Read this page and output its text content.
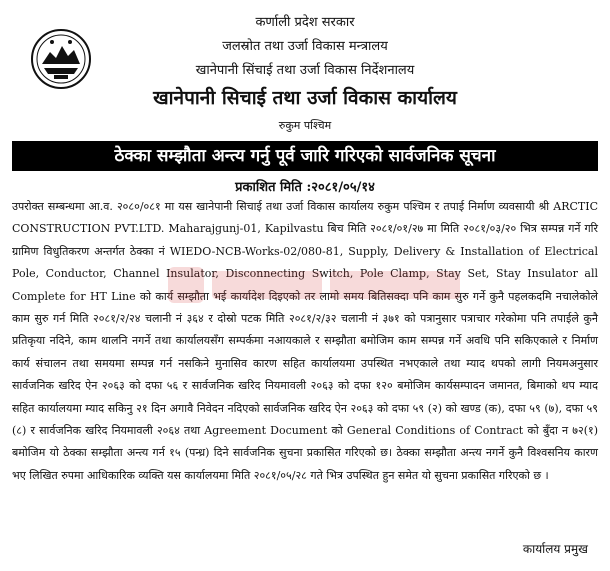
कर्णाली प्रदेश सरकार
जलस्रोत तथा उर्जा विकास मन्त्रालय
खानेपानी सिंचाई तथा उर्जा विकास निर्देशनालय
खानेपानी सिचाई तथा उर्जा विकास कार्यालय
रुकुम पश्चिम
ठेक्का सम्झौता अन्त्य गर्नु पूर्व जारि गरिएको सार्वजनिक सूचना
प्रकाशित मिति :२०८१/०५/१४

उपरोक्त सम्बन्धमा आ.व. २०८०/०८१ मा यस खानेपानी सिचाई तथा उर्जा विकास कार्यालय रुकुम पश्चिम र तपाई निर्माण व्यवसायी श्री ARCTIC CONSTRUCTION PVT.LTD. Maharajgunj-01, Kapilvastu बिच मिति २०८१/०१/२७ मा मिति २०८१/०३/२० भित्र सम्पन्न गर्ने गरि ग्रामिण विधुतिकरण अन्तर्गत ठेक्का नं WIEDO-NCB-Works-02/080-81, Supply, Delivery & Installation of Electrical Pole, Conductor, Channel Insulator, Disconnecting Switch, Pole Clamp, Stay Set, Stay Insulator all Complete for HT Line को कार्य सम्झौता भई कार्यादेश दिइएको तर लामो समय बितिसक्दा पनि काम सुरु गर्ने कुनै पहलकदमि नचालेकोले काम सुरु गर्न मिति २०८१/२/२४ चलानी नं ३६४ र दोस्रो पटक मिति २०८१/२/३२ चलानी नं ३७१ को पत्रानुसार पत्राचार गरेकोमा पनि तपाईले कुनै प्रतिकृया नदिने, काम थालनि नगर्ने तथा कार्यालयसँग सम्पर्कमा नआयकाले र सम्झौता बमोजिम काम सम्पन्न गर्ने अवधि पनि सकिएकाले र निर्माण कार्य संचालन तथा समयमा सम्पन्न गर्न नसकिने मुनासिव कारण सहित कार्यालयमा उपस्थित नभएकाले तथा म्याद थपको लागी नियमअनुसार सार्वजनिक खरिद ऐन २०६३ को दफा ५६ र सार्वजनिक खरिद नियमावली २०६३ को दफा १२० बमोजिम कार्यसम्पादन जमानत, बिमाको थप म्याद सहित कार्यालयमा म्याद सकिनु २१ दिन अगावै निवेदन नदिएको सार्वजनिक खरिद ऐन २०६३ को दफा ५९ (२) को खण्ड (क), दफा ५९ (७), दफा ५९ (८) र सार्वजनिक खरिद नियमावली २०६४ तथा Agreement Document को General Conditions of Contract को बुँदा न ७२(१) बमोजिम यो ठेक्का सम्झौता अन्त्य गर्न १५ (पन्ध्र) दिने सार्वजनिक सुचना प्रकासित गरिएको छ। ठेक्का सम्झौता अन्त्य नगर्ने कुनै विश्वसनिय कारण भए लिखित रुपमा आधिकारिक व्यक्ति यस कार्यालयमा मिति २०८१/०५/२८ गते भित्र उपस्थित हुन समेत यो सुचना प्रकासित गरिएको छ ।

कार्यालय प्रमुख
